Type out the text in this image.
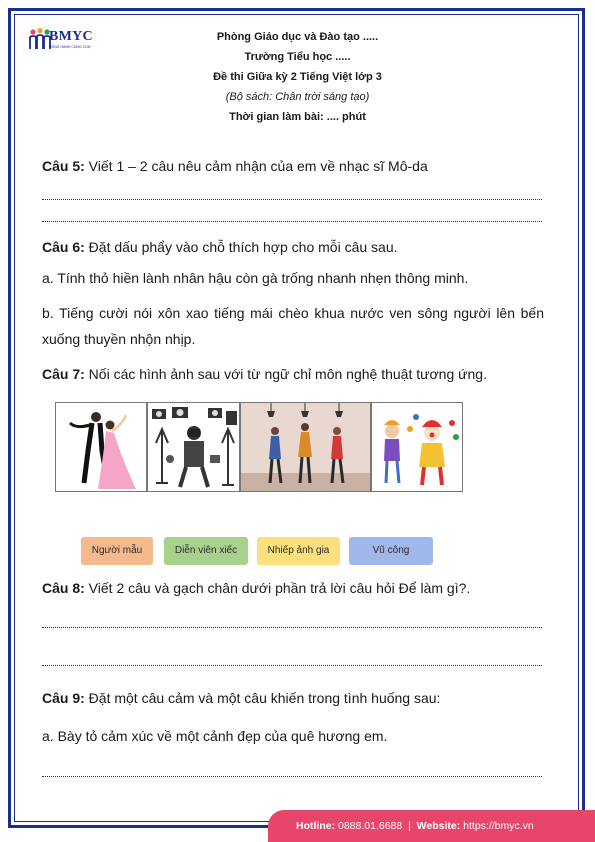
BMYC
ĐỒNG HÀNH CÙNG CON
Phòng Giáo dục và Đào tạo .....
Trường Tiểu học .....
Đề thi Giữa kỳ 2 Tiếng Việt lớp 3
(Bộ sách: Chân trời sáng tạo)
Thời gian làm bài: .... phút
Câu 5: Viết 1 – 2 câu nêu cảm nhận của em về nhạc sĩ Mô-da
Câu 6: Đặt dấu phẩy vào chỗ thích hợp cho mỗi câu sau.
a. Tính thỏ hiền lành nhân hậu còn gà trống nhanh nhẹn thông minh.
b. Tiếng cười nói xôn xao tiếng mái chèo khua nước ven sông người lên bến xuống thuyền nhộn nhịp.
Câu 7: Nối các hình ảnh sau với từ ngữ chỉ môn nghệ thuật tương ứng.
Người mẫu	Diễn viên xiếc	Nhiếp ảnh gia	Vũ công
Câu 8: Viết 2 câu và gạch chân dưới phần trả lời câu hỏi Để làm gì?.
Câu 9: Đặt một câu cảm và một câu khiến trong tình huống sau:
a. Bày tỏ cảm xúc về một cảnh đẹp của quê hương em.
Hotline: 0888.01.6688 | Website: https://bmyc.vn
